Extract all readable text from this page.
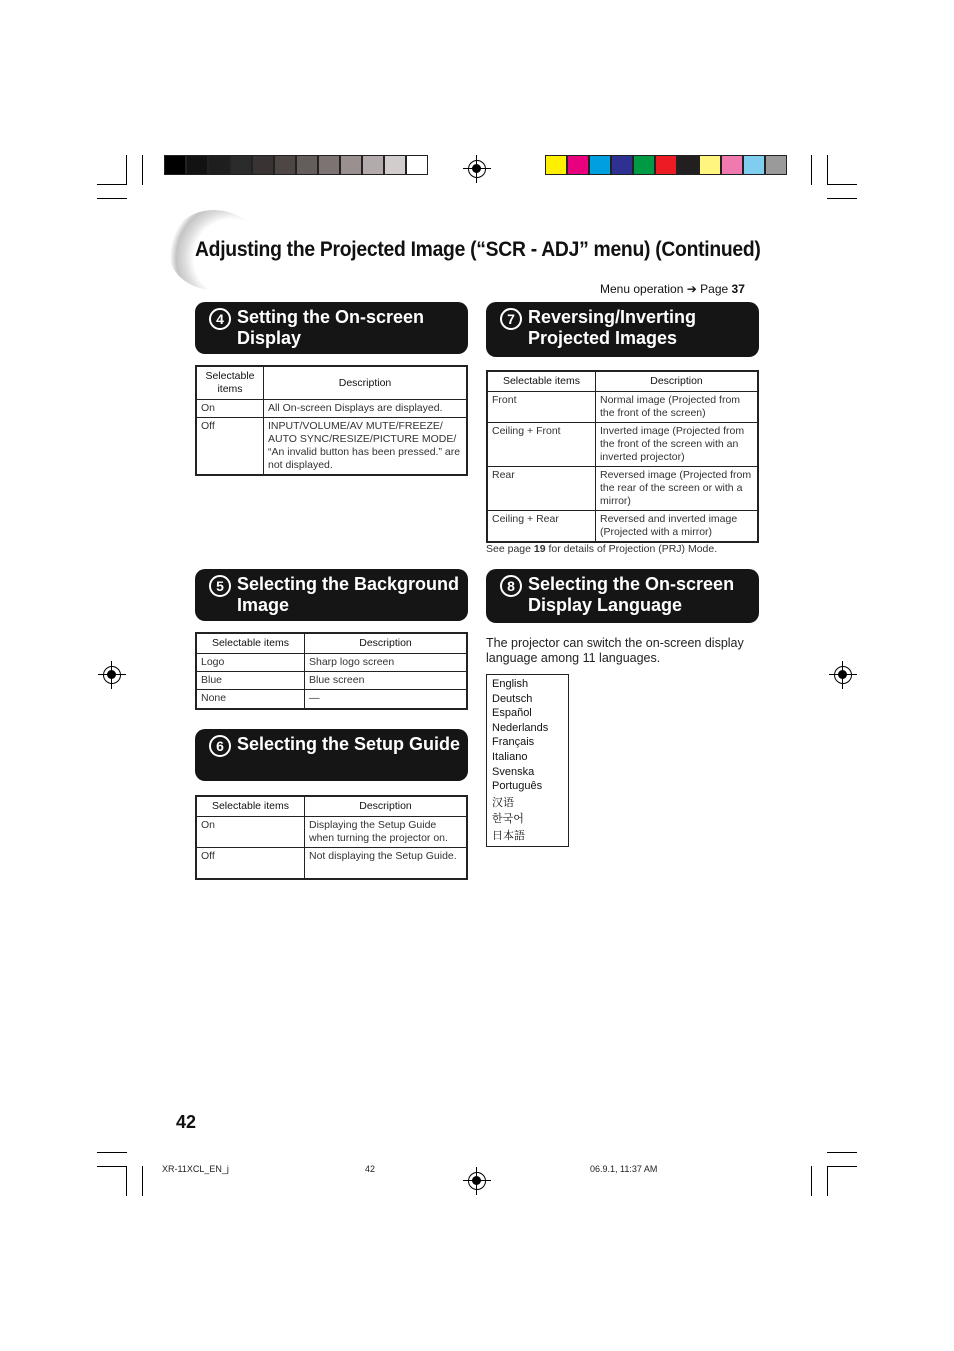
Adjusting the Projected Image (“SCR - ADJ” menu) (Continued)
Menu operation ➔ Page 37
4 Setting the On-screen Display
Selectable items	Description
On	All On-screen Displays are displayed.
Off	INPUT/VOLUME/AV MUTE/FREEZE/ AUTO SYNC/RESIZE/PICTURE MODE/ “An invalid button has been pressed.” are not displayed.
5 Selecting the Background Image
Selectable items	Description
Logo	Sharp logo screen
Blue	Blue screen
None	—
6 Selecting the Setup Guide
Selectable items	Description
On	Displaying the Setup Guide when turning the projector on.
Off	Not displaying the Setup Guide.
7 Reversing/Inverting Projected Images
Selectable items	Description
Front	Normal image (Projected from the front of the screen)
Ceiling + Front	Inverted image (Projected from the front of the screen with an inverted projector)
Rear	Reversed image (Projected from the rear of the screen or with a mirror)
Ceiling + Rear	Reversed and inverted image (Projected with a mirror)
See page 19 for details of Projection (PRJ) Mode.
8 Selecting the On-screen Display Language
The projector can switch the on-screen display language among 11 languages.
English
Deutsch
Español
Nederlands
Français
Italiano
Svenska
Português
汉语
한국어
日本語
42
XR-11XCL_EN_j	42	06.9.1, 11:37 AM
